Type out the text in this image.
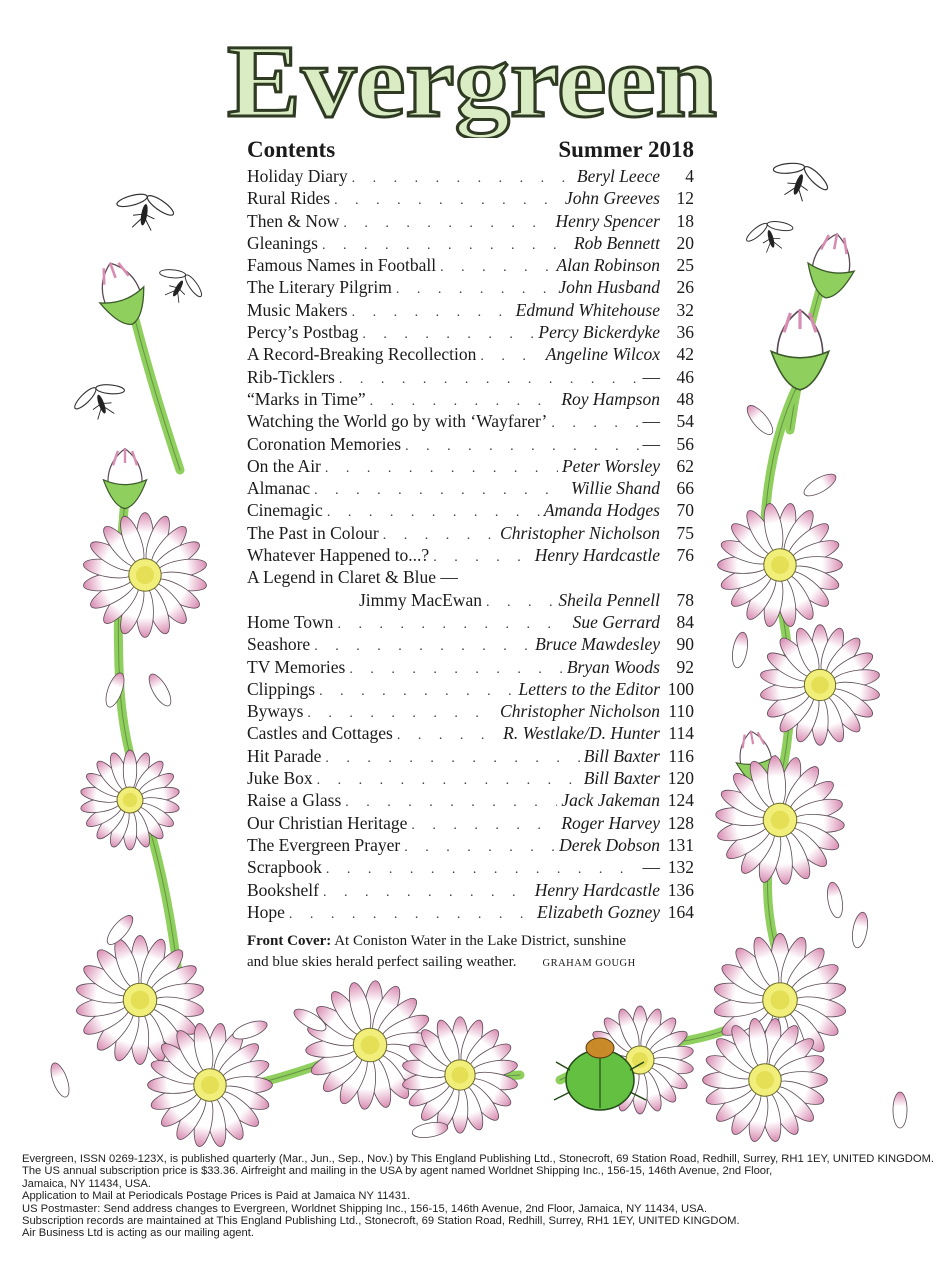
Evergreen
Contents	Summer 2018
Holiday Diary . . .	Beryl Leece	4
Rural Rides . . .	John Greeves 12
Then & Now . . .	Henry Spencer 18
Gleanings . . .	Rob Bennett 20
Famous Names in Football . . .	Alan Robinson 25
The Literary Pilgrim . . .	John Husband 26
Music Makers . . .	Edmund Whitehouse 32
Percy’s Postbag . . .	Percy Bickerdyke 36
A Record-Breaking Recollection . . .	Angeline Wilcox 42
Rib-Ticklers . . .	— 46
“Marks in Time” . . .	Roy Hampson 48
Watching the World go by with ‘Wayfarer’ . . .	— 54
Coronation Memories . . .	— 56
On the Air . . .	Peter Worsley 62
Almanac . . .	Willie Shand 66
Cinemagic . . .	Amanda Hodges 70
The Past in Colour . . .	Christopher Nicholson 75
Whatever Happened to...? . . .	Henry Hardcastle 76
A Legend in Claret & Blue —
Jimmy MacEwan . . .	Sheila Pennell 78
Home Town . . .	Sue Gerrard 84
Seashore . . .	Bruce Mawdesley 90
TV Memories . . .	Bryan Woods 92
Clippings . . .	Letters to the Editor 100
Byways . . .	Christopher Nicholson 110
Castles and Cottages . . .	R. Westlake/D. Hunter 114
Hit Parade . . .	Bill Baxter 116
Juke Box . . .	Bill Baxter 120
Raise a Glass . . .	Jack Jakeman 124
Our Christian Heritage . . .	Roger Harvey 128
The Evergreen Prayer . . .	Derek Dobson 131
Scrapbook . . .	— 132
Bookshelf . . .	Henry Hardcastle 136
Hope . . .	Elizabeth Gozney 164
Front Cover: At Coniston Water in the Lake District, sunshine
and blue skies herald perfect sailing weather. GRAHAM GOUGH
Evergreen, ISSN 0269-123X, is published quarterly (Mar., Jun., Sep., Nov.) by This England Publishing Ltd., Stonecroft, 69 Station Road, Redhill, Surrey, RH1 1EY, UNITED KINGDOM.
The US annual subscription price is $33.36. Airfreight and mailing in the USA by agent named Worldnet Shipping Inc., 156-15, 146th Avenue, 2nd Floor,
Jamaica, NY 11434, USA.
Application to Mail at Periodicals Postage Prices is Paid at Jamaica NY 11431.
US Postmaster: Send address changes to Evergreen, Worldnet Shipping Inc., 156-15, 146th Avenue, 2nd Floor, Jamaica, NY 11434, USA.
Subscription records are maintained at This England Publishing Ltd., Stonecroft, 69 Station Road, Redhill, Surrey, RH1 1EY, UNITED KINGDOM.
Air Business Ltd is acting as our mailing agent.
